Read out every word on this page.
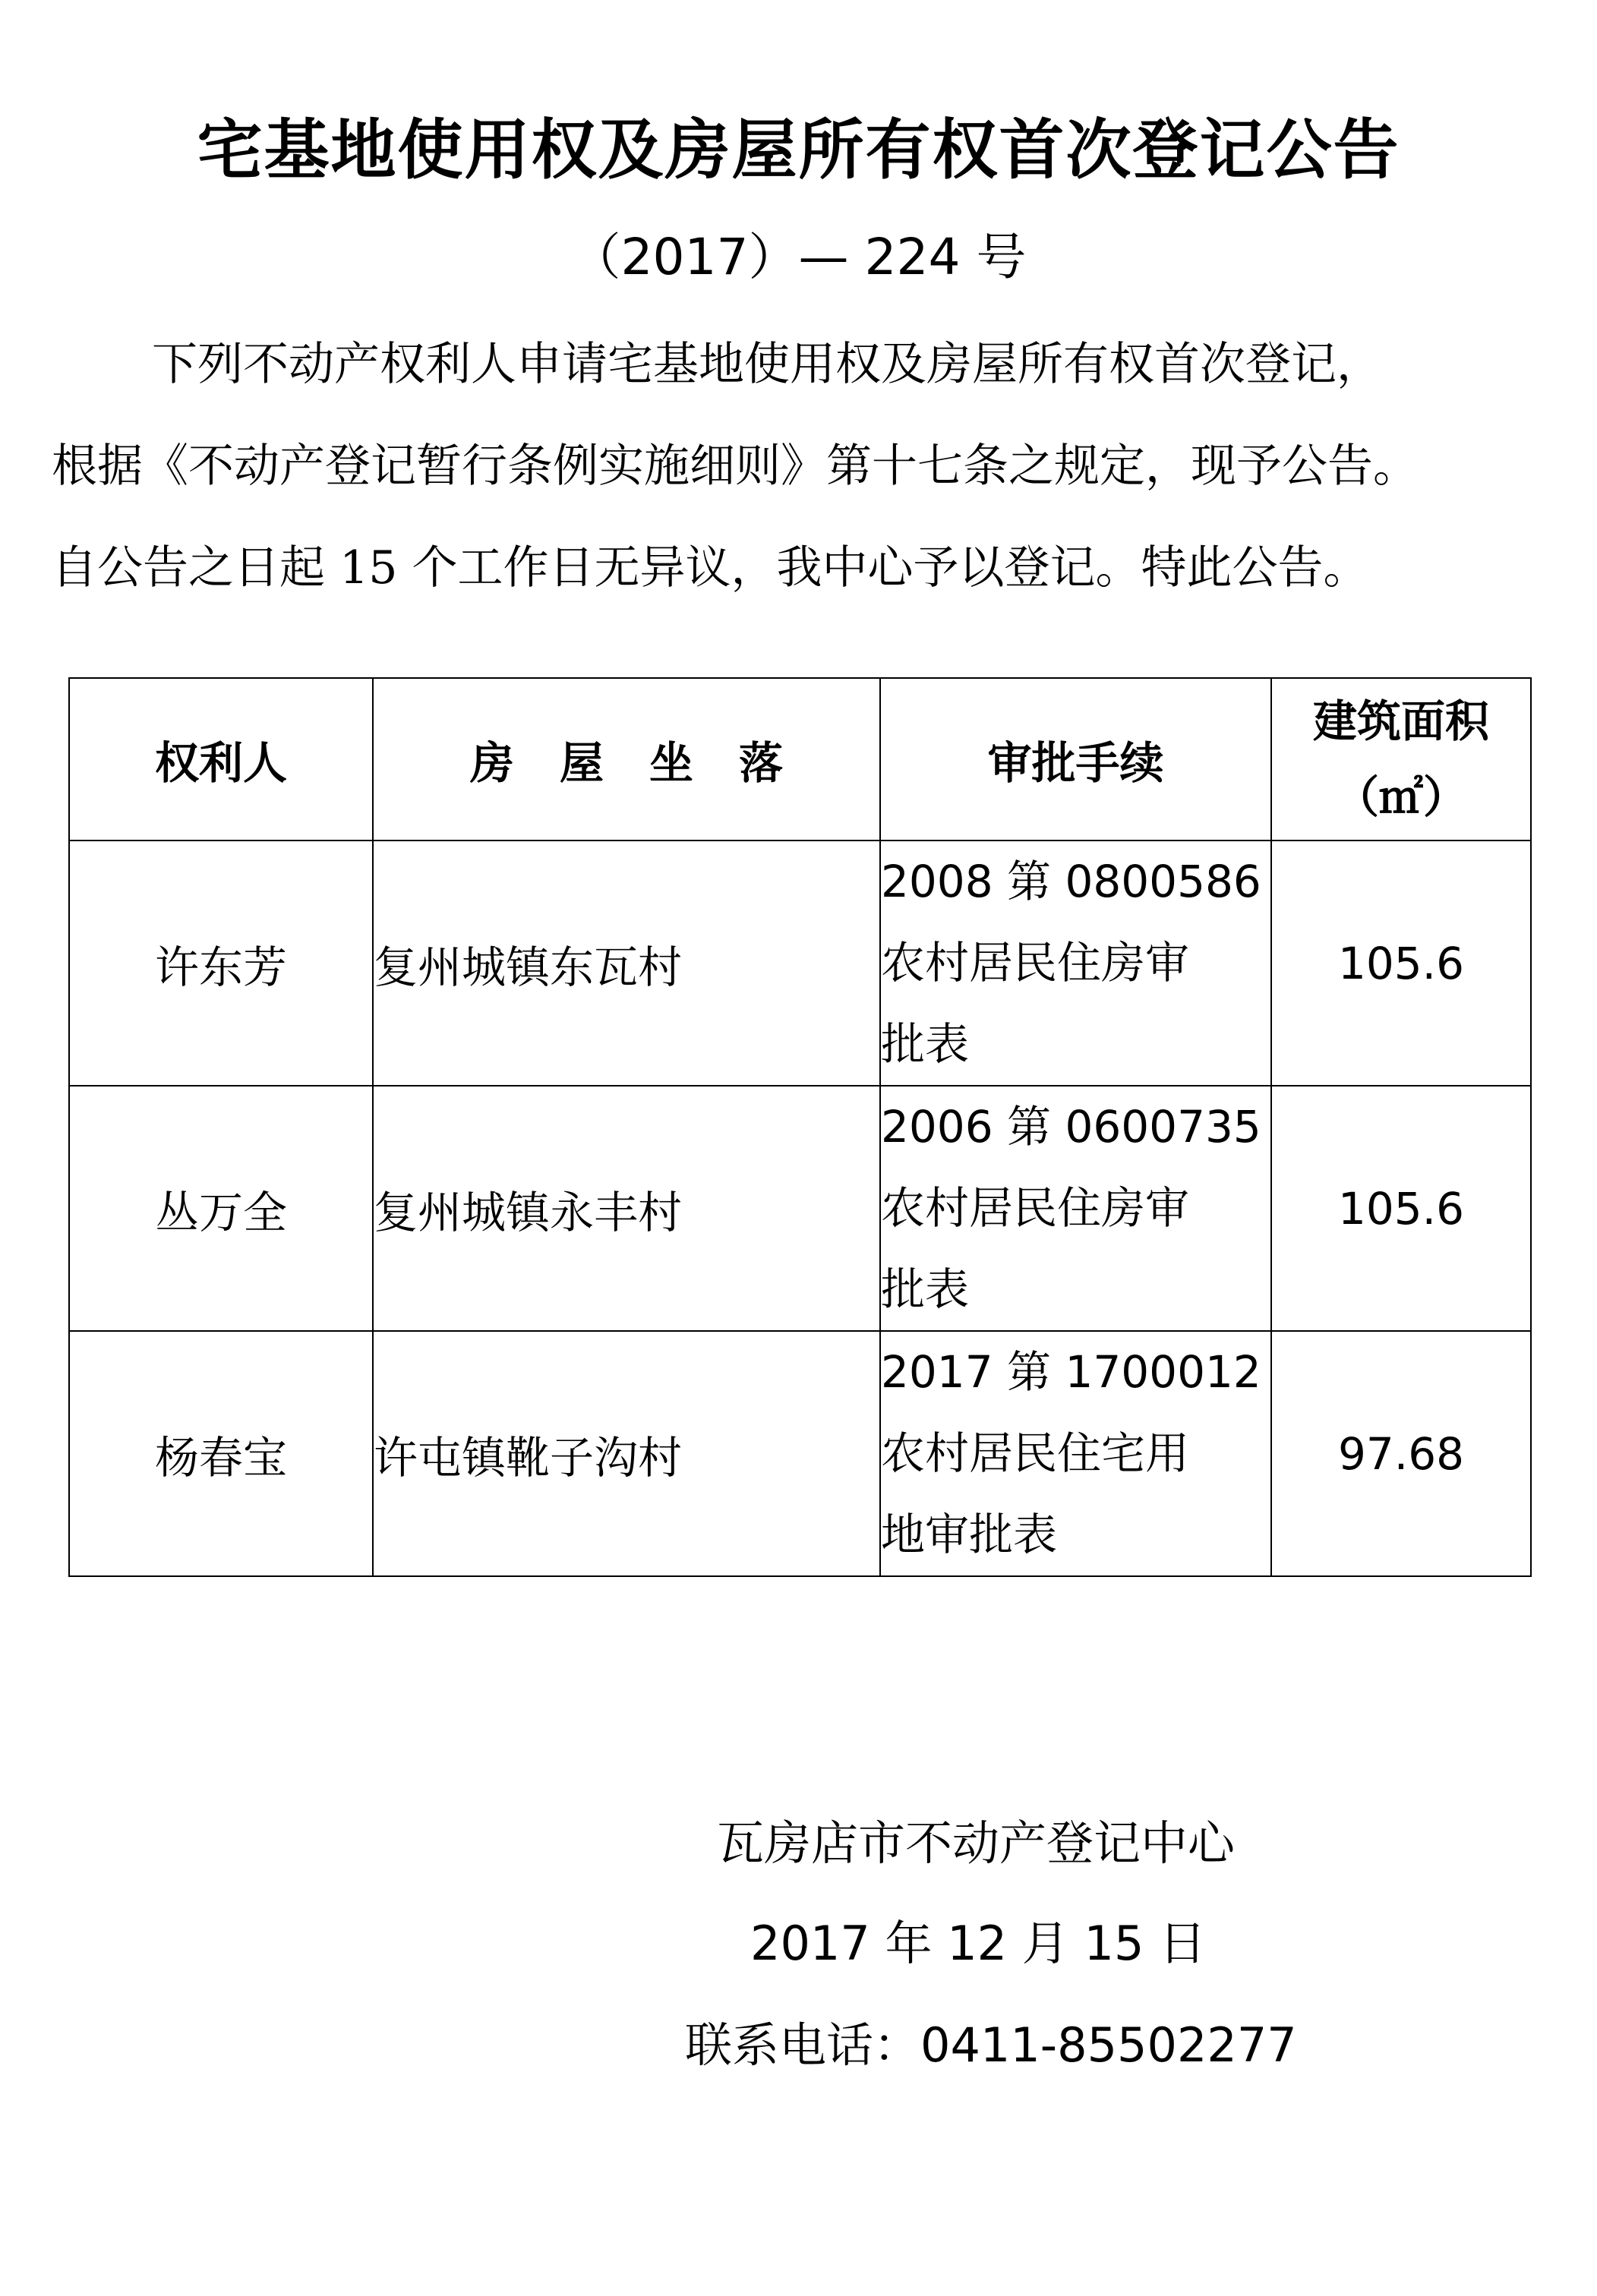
宅基地使用权及房屋所有权首次登记公告
（2017）— 224 号
下列不动产权利人申请宅基地使用权及房屋所有权首次登记，
根据《不动产登记暂行条例实施细则》第十七条之规定，现予公告。
自公告之日起 15 个工作日无异议，我中心予以登记。特此公告。
权利人	房屋坐落	审批手续	建筑面积
（㎡）

许东芳	复州城镇东瓦村	2008 第 0800586
农村居民住房审
批表	105.6
丛万全	复州城镇永丰村	2006 第 0600735
农村居民住房审
批表	105.6
杨春宝	许屯镇靴子沟村	2017 第 1700012
农村居民住宅用
地审批表	97.68
瓦房店市不动产登记中心
2017 年 12 月 15 日
联系电话：0411-85502277
